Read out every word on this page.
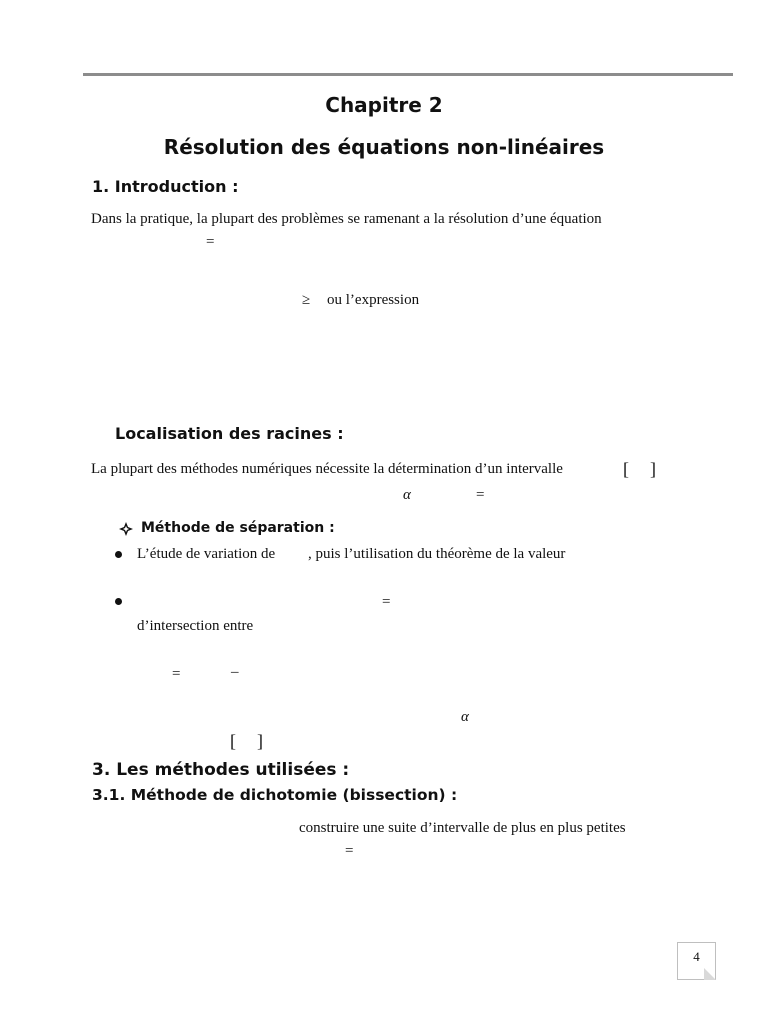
Chapitre 2
Résolution des équations non-linéaires
1. Introduction :
Dans la pratique, la plupart des problèmes se ramenant a la résolution d’une équation
=
≥ ou l’expression
Localisation des racines :
La plupart des méthodes numériques nécessite la détermination d’un intervalle	[ ]
α	=
Méthode de séparation :
L’étude de variation de , puis l’utilisation du théorème de la valeur
=
d’intersection entre
=	–
α
[ ]
3. Les méthodes utilisées :
3.1. Méthode de dichotomie (bissection) :
construire une suite d’intervalle de plus en plus petites
=
4
